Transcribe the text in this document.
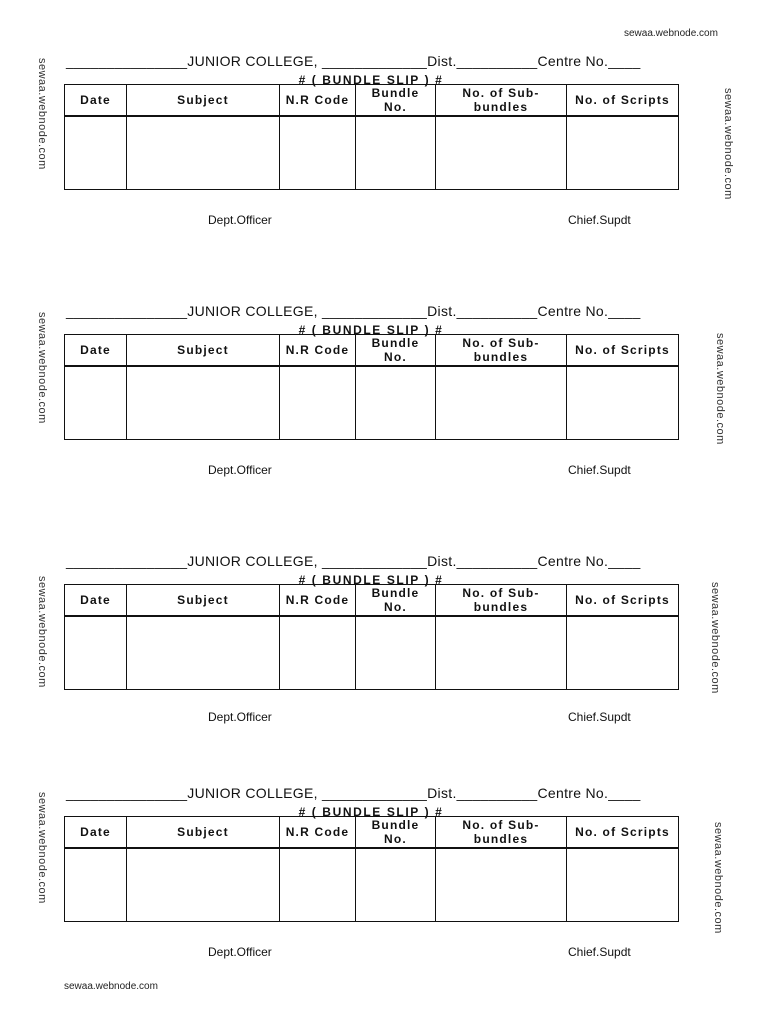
sewaa.webnode.com
sewaa.webnode.com
_______________JUNIOR COLLEGE, _____________Dist.__________Centre No.____
# ( BUNDLE SLIP ) #
Date	Subject	N.R Code	Bundle No.	No. of Sub-bundles	No. of Scripts

Dept.Officer	Chief.Supdt
_______________JUNIOR COLLEGE, _____________Dist.__________Centre No.____
# ( BUNDLE SLIP ) #
Date	Subject	N.R Code	Bundle No.	No. of Sub-bundles	No. of Scripts

Dept.Officer	Chief.Supdt
_______________JUNIOR COLLEGE, _____________Dist.__________Centre No.____
# ( BUNDLE SLIP ) #
Date	Subject	N.R Code	Bundle No.	No. of Sub-bundles	No. of Scripts

Dept.Officer	Chief.Supdt
_______________JUNIOR COLLEGE, _____________Dist.__________Centre No.____
# ( BUNDLE SLIP ) #
Date	Subject	N.R Code	Bundle No.	No. of Sub-bundles	No. of Scripts

Dept.Officer	Chief.Supdt
sewaa.webnode.com
sewaa.webnode.com
sewaa.webnode.com
sewaa.webnode.com
sewaa.webnode.com
sewaa.webnode.com
sewaa.webnode.com
sewaa.webnode.com
